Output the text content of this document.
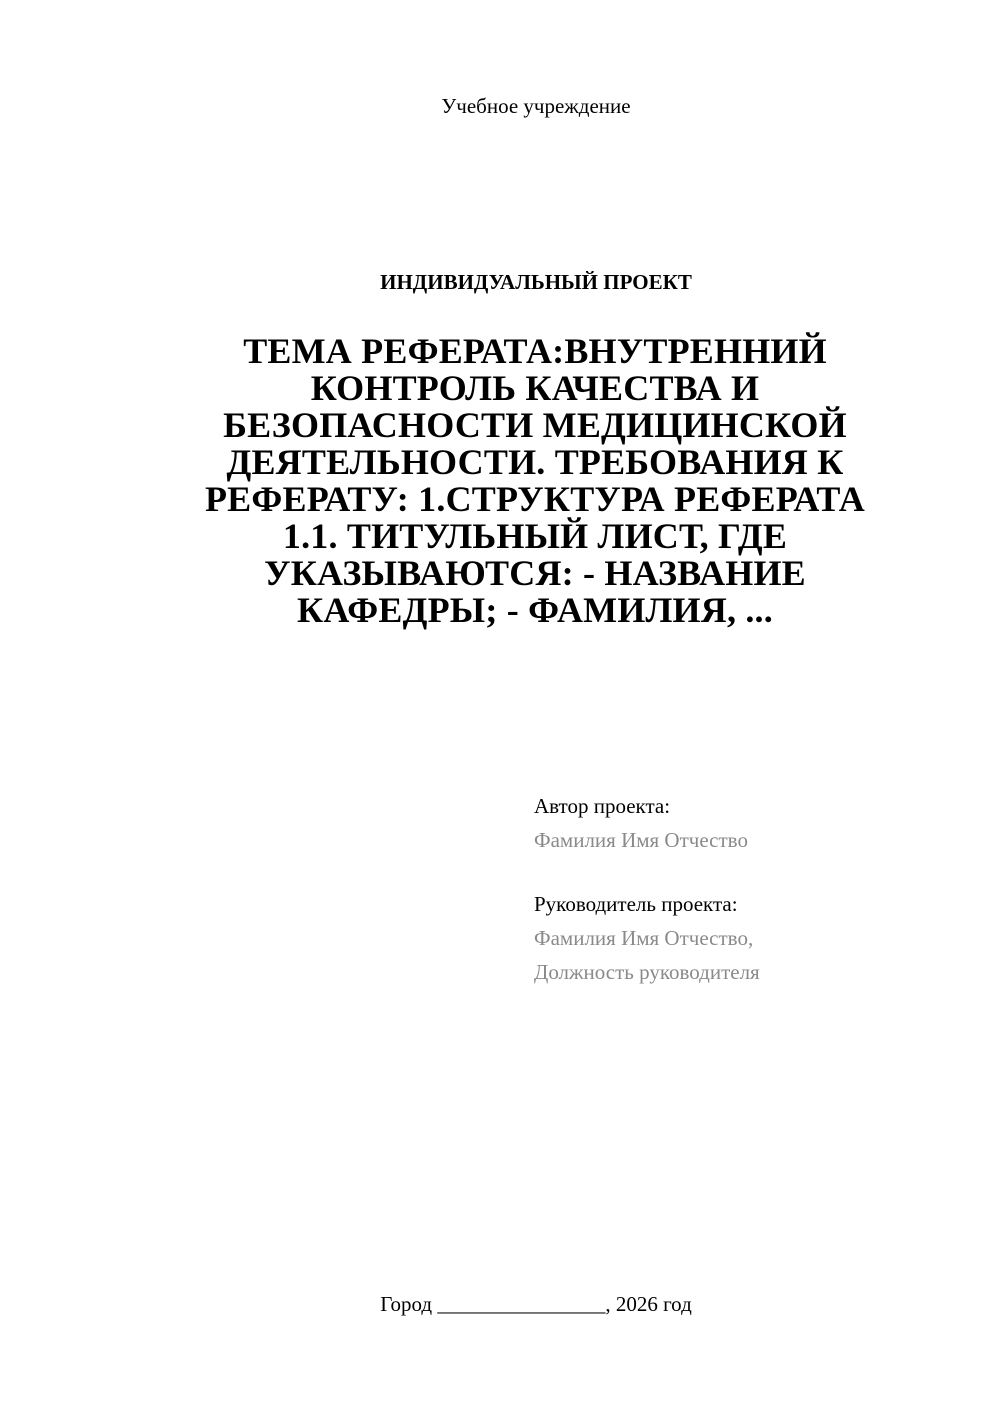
Учебное учреждение
ИНДИВИДУАЛЬНЫЙ ПРОЕКТ
ТЕМА РЕФЕРАТА:ВНУТРЕННИЙ
КОНТРОЛЬ КАЧЕСТВА И
БЕЗОПАСНОСТИ МЕДИЦИНСКОЙ
ДЕЯТЕЛЬНОСТИ. ТРЕБОВАНИЯ К
РЕФЕРАТУ: 1.СТРУКТУРА РЕФЕРАТА
1.1. ТИТУЛЬНЫЙ ЛИСТ, ГДЕ
УКАЗЫВАЮТСЯ: - НАЗВАНИЕ
КАФЕДРЫ; - ФАМИЛИЯ, ...
Автор проекта:
Фамилия Имя Отчество
Руководитель проекта:
Фамилия Имя Отчество,
Должность руководителя
Город ________________, 2026 год
